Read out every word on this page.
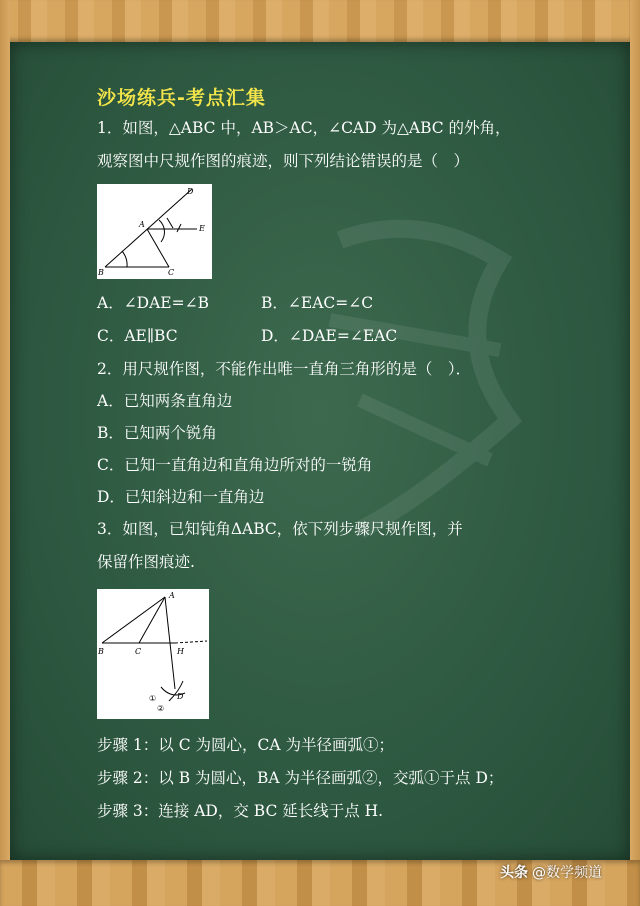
沙场练兵-考点汇集
1．如图，△ABC 中，AB＞AC，∠CAD 为△ABC 的外角，
观察图中尺规作图的痕迹，则下列结论错误的是（　）
D
A	E
B	C
A．∠DAE=∠B	B．∠EAC=∠C
C．AE∥BC	D．∠DAE=∠EAC
2．用尺规作图，不能作出唯一直角三角形的是（　）．
A．已知两条直角边
B．已知两个锐角
C．已知一直角边和直角边所对的一锐角
D．已知斜边和一直角边
3．如图，已知钝角ΔABC，依下列步骤尺规作图，并
保留作图痕迹.
A
B	C	H
D
①
②
步骤 1：以 C 为圆心，CA 为半径画弧①；
步骤 2：以 B 为圆心，BA 为半径画弧②，交弧①于点 D；
步骤 3：连接 AD，交 BC 延长线于点 H.
头条 @数学频道
